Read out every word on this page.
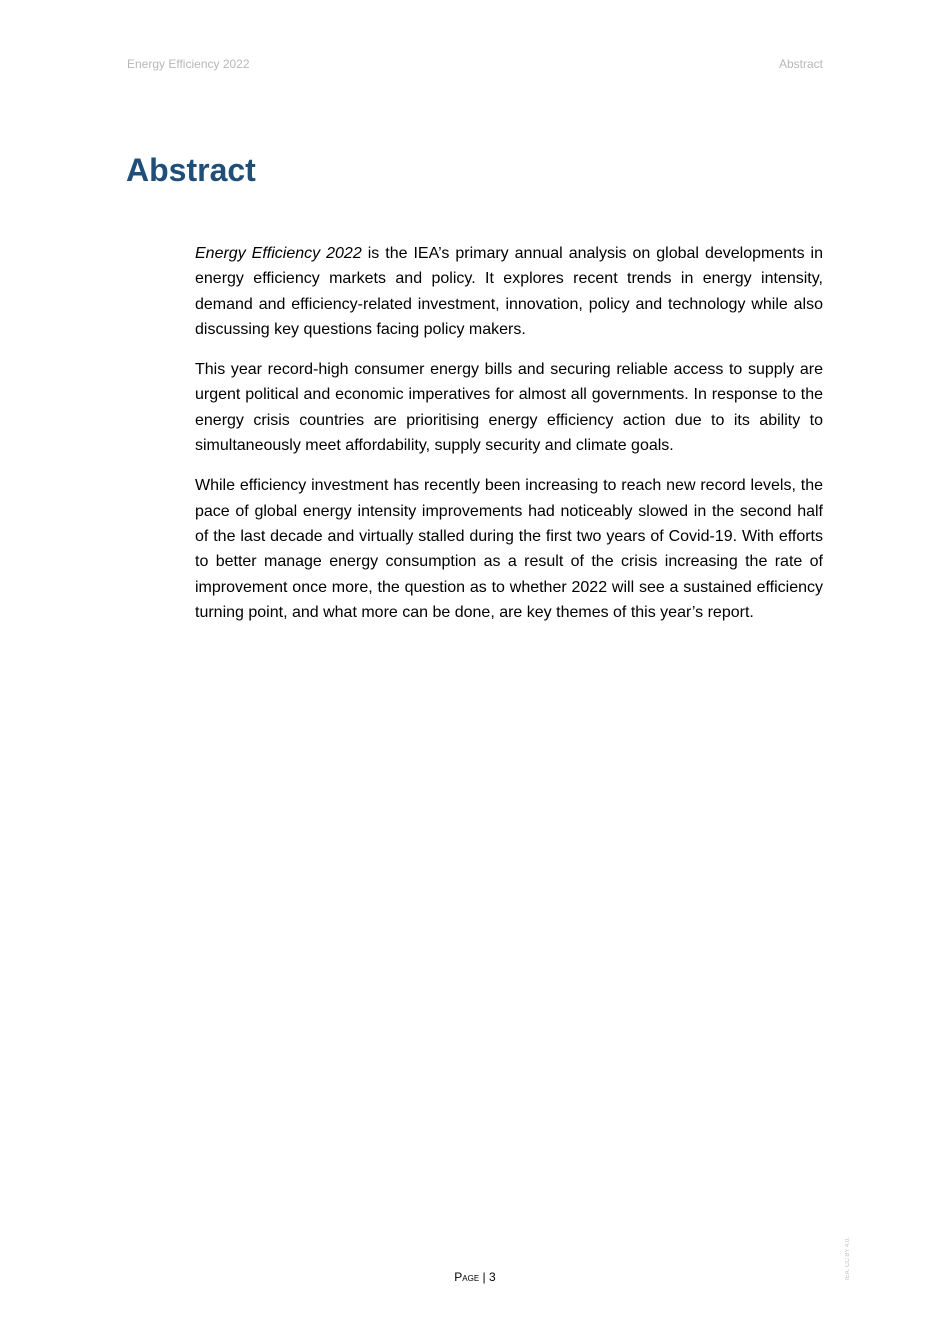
Energy Efficiency 2022	Abstract
Abstract

Energy Efficiency 2022 is the IEA’s primary annual analysis on global developments in energy efficiency markets and policy. It explores recent trends in energy intensity, demand and efficiency-related investment, innovation, policy and technology while also discussing key questions facing policy makers.

This year record-high consumer energy bills and securing reliable access to supply are urgent political and economic imperatives for almost all governments. In response to the energy crisis countries are prioritising energy efficiency action due to its ability to simultaneously meet affordability, supply security and climate goals.

While efficiency investment has recently been increasing to reach new record levels, the pace of global energy intensity improvements had noticeably slowed in the second half of the last decade and virtually stalled during the first two years of Covid-19. With efforts to better manage energy consumption as a result of the crisis increasing the rate of improvement once more, the question as to whether 2022 will see a sustained efficiency turning point, and what more can be done, are key themes of this year’s report.

Page | 3	IEA. CC BY 4.0.
